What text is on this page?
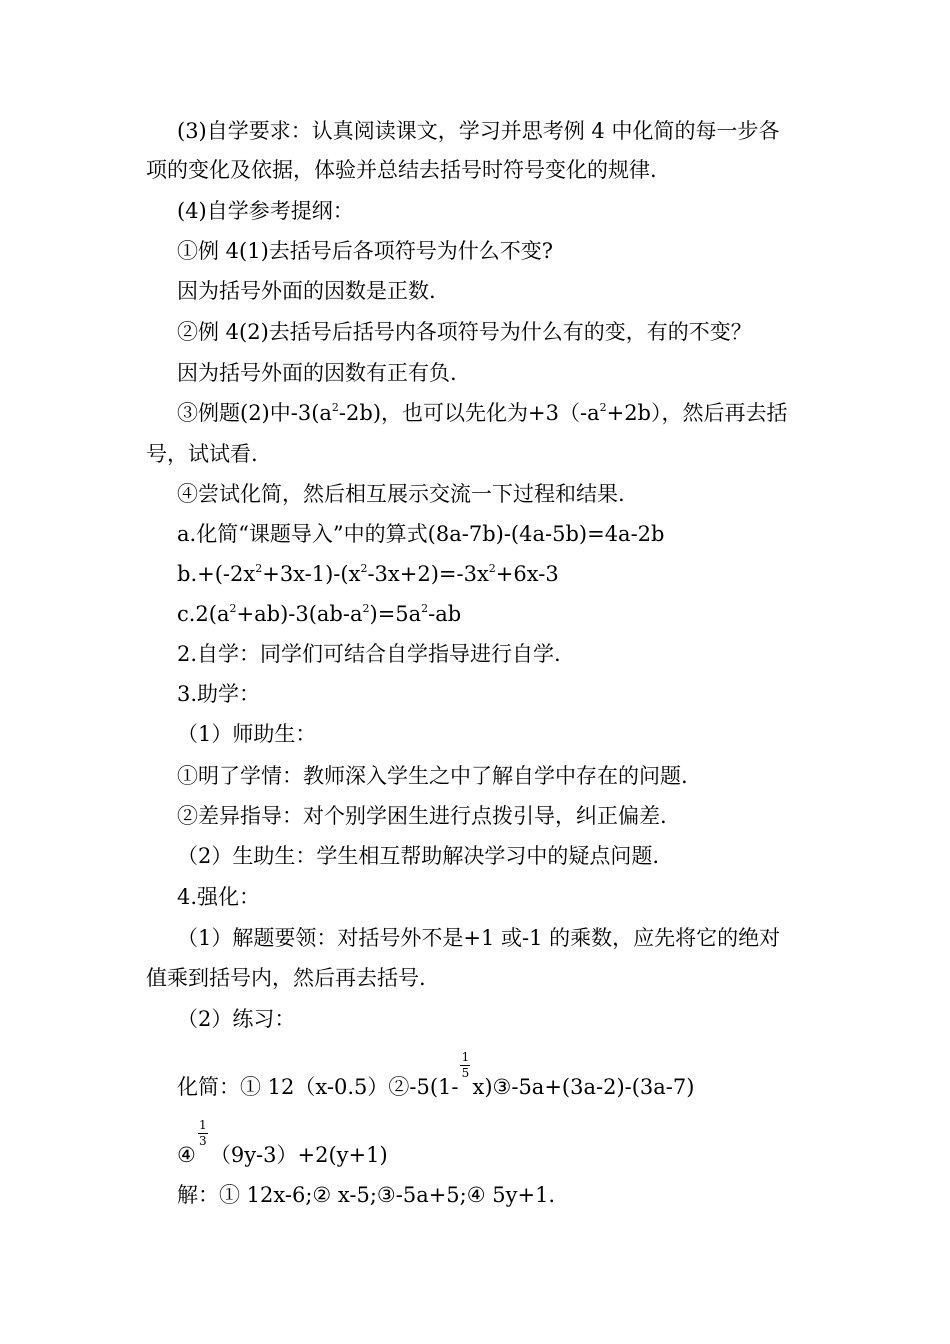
(3)自学要求：认真阅读课文，学习并思考例 4 中化简的每一步各
项的变化及依据，体验并总结去括号时符号变化的规律.
(4)自学参考提纲：
①例 4(1)去括号后各项符号为什么不变?
因为括号外面的因数是正数.
②例 4(2)去括号后括号内各项符号为什么有的变，有的不变？
因为括号外面的因数有正有负.
③例题(2)中$-3(a^2-2b)$，也可以先化为$+3(-a^2+2b)$，然后再去括
号，试试看.
④尝试化简，然后相互展示交流一下过程和结果.
a.化简“课题导入”中的算式(8a-7b)-(4a-5b)=4a-2b
$b.+(-2x^2+3x-1)-(x^2-3x+2)=-3x^2+6x-3$
$c.2(a^2+ab)-3(ab-a^2)=5a^2-ab$
2.自学：同学们可结合自学指导进行自学.
3.助学：
（1）师助生：
①明了学情：教师深入学生之中了解自学中存在的问题.
②差异指导：对个别学困生进行点拨引导，纠正偏差.
（2）生助生：学生相互帮助解决学习中的疑点问题.
4.强化：
（1）解题要领：对括号外不是+1 或-1 的乘数，应先将它的绝对
值乘到括号内，然后再去括号.
（2）练习：
化简：① 12（x-0.5）②-5(1- $\frac{1}{5}$ x)③-5a+(3a-2)-(3a-7)
④ $\frac{1}{3} (9y-3)+2(y+1)$
解：① 12x-6;② x-5;③-5a+5;④ 5y+1.
